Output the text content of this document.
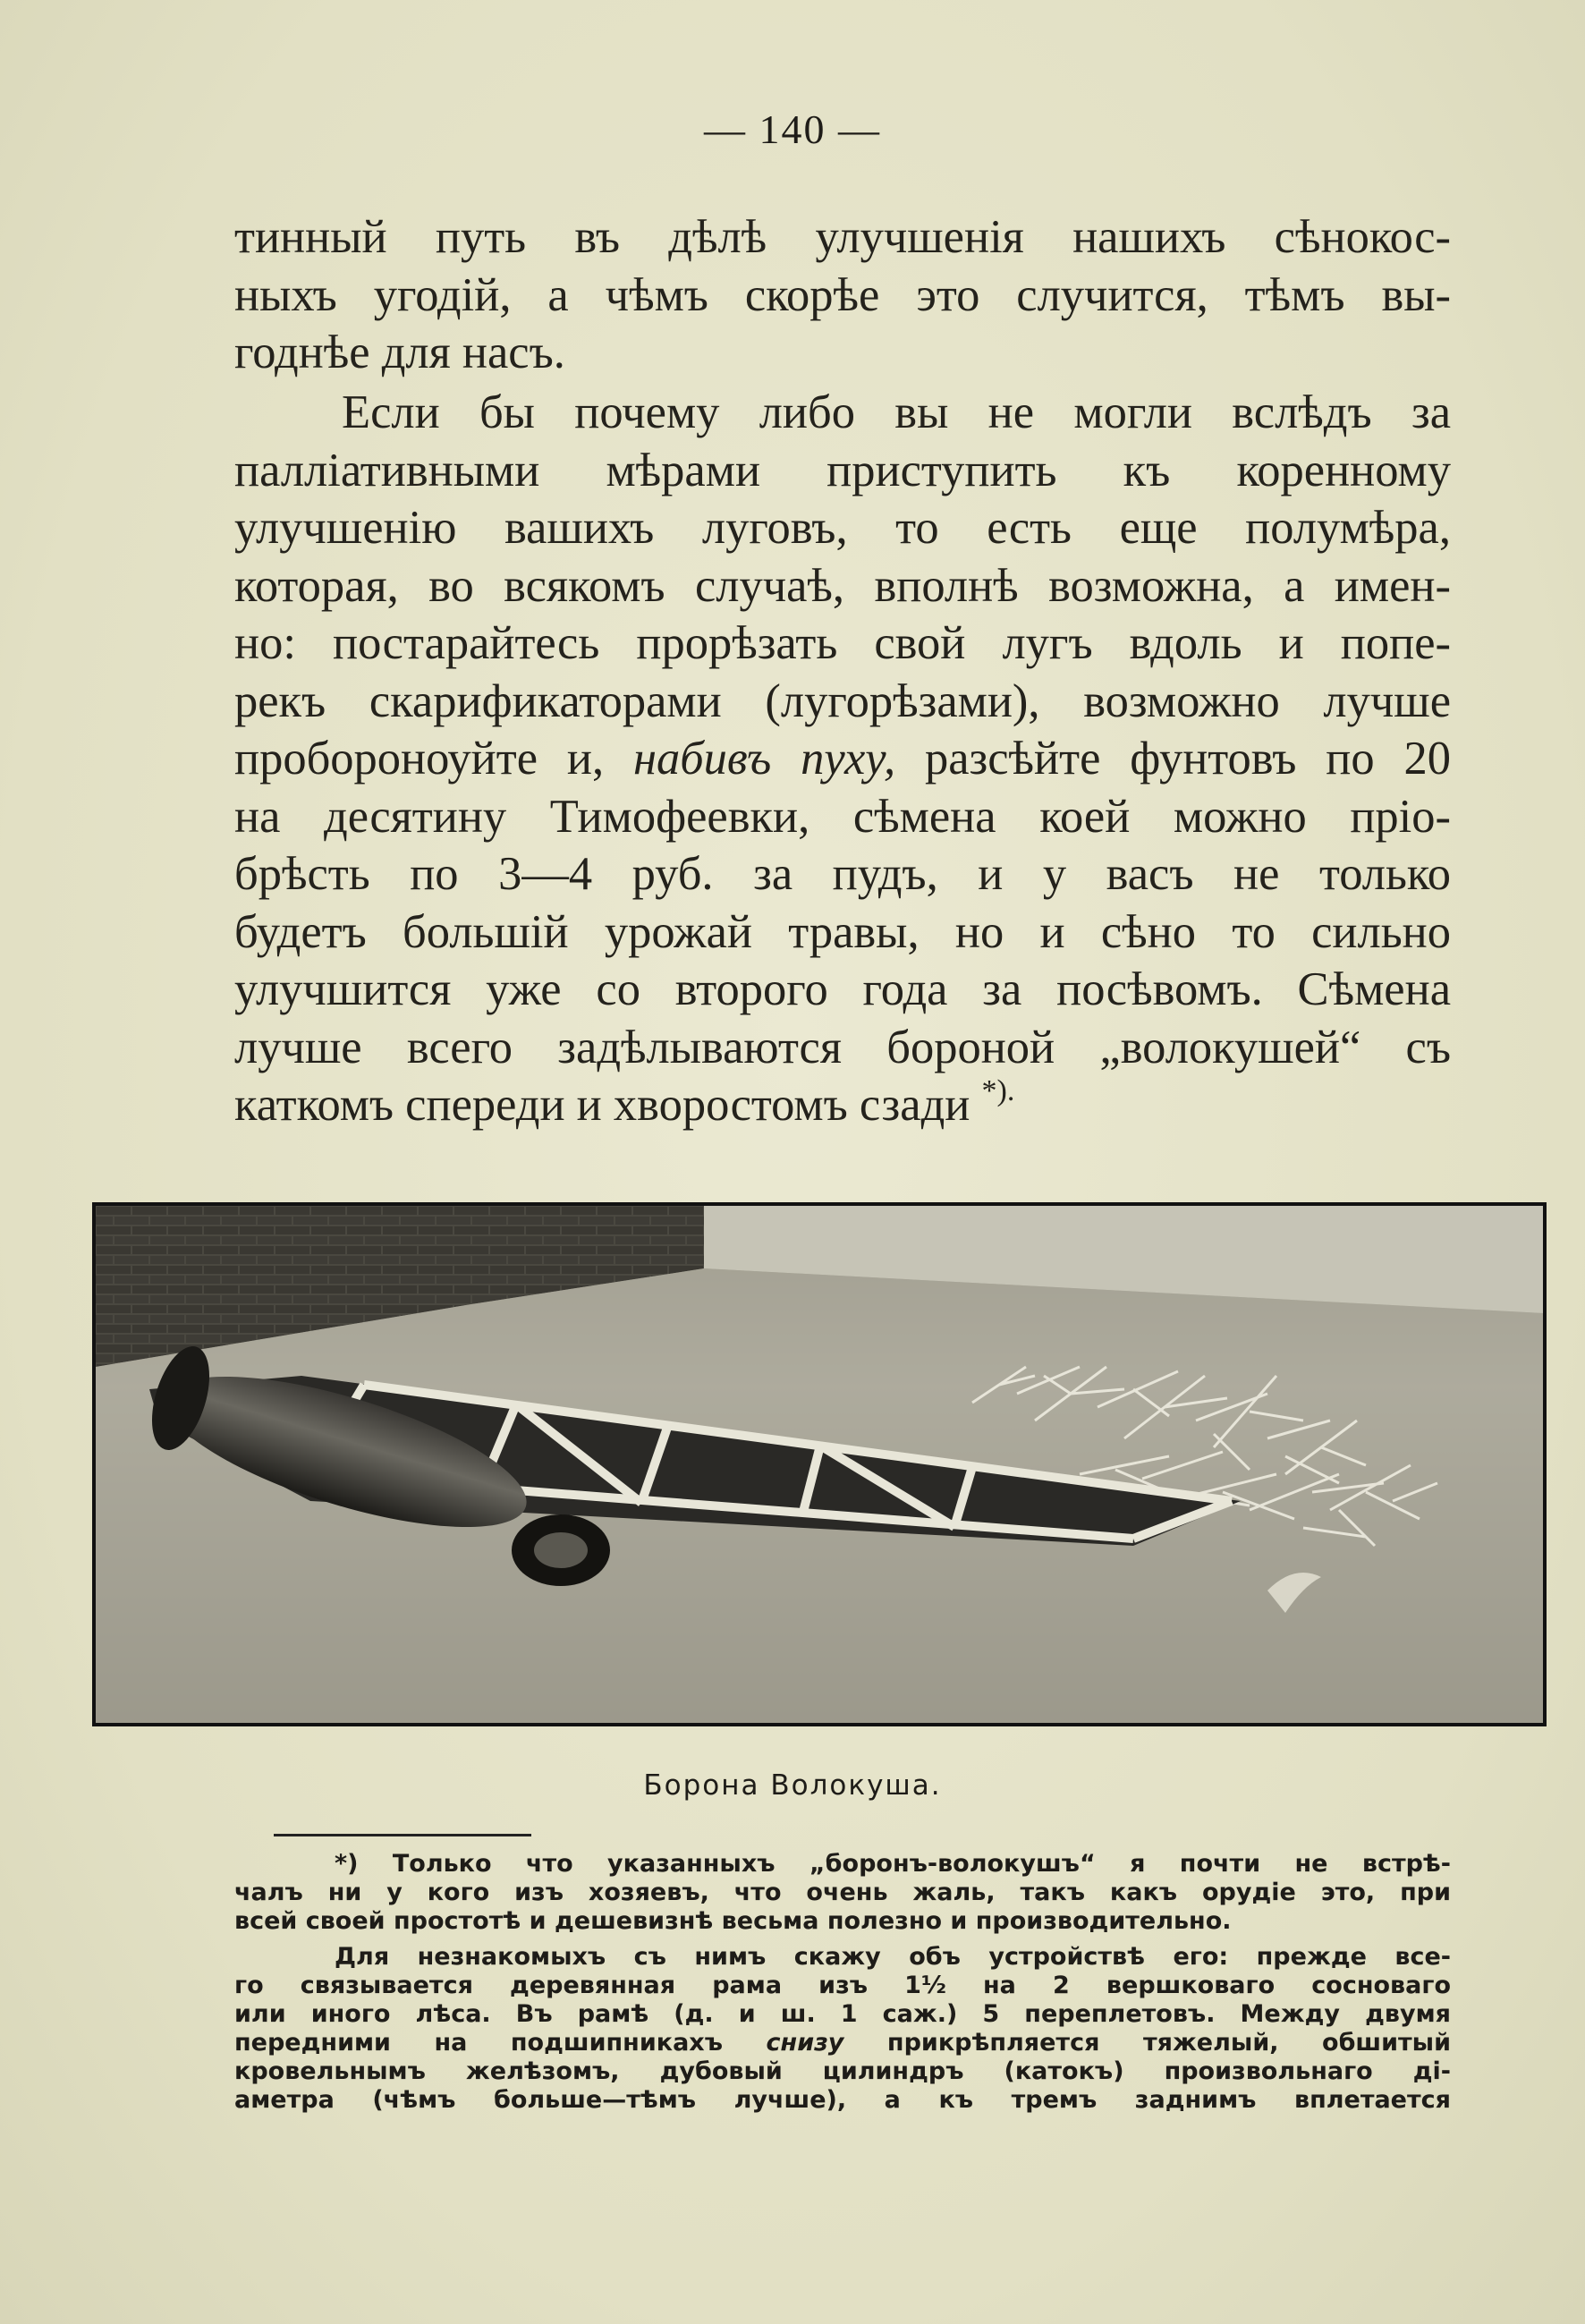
— 140 —
тинный путь въ дѣлѣ улучшенія нашихъ сѣнокос-
ныхъ угодій, а чѣмъ скорѣе это случится, тѣмъ вы-
годнѣе для насъ.
Если бы почему либо вы не могли вслѣдъ за
палліативными мѣрами приступить къ коренному
улучшенію вашихъ луговъ, то есть еще полумѣра,
которая, во всякомъ случаѣ, вполнѣ возможна, а имен-
но: постарайтесь прорѣзать свой лугъ вдоль и попе-
рекъ скарификаторами (лугорѣзами), возможно лучше
пробороноуйте и, набивъ пуху, разсѣйте фунтовъ по 20
на десятину Тимофеевки, сѣмена коей можно пріо-
брѣсть по 3—4 руб. за пудъ, и у васъ не только
будетъ большій урожай травы, но и сѣно то сильно
улучшится уже со второго года за посѣвомъ. Сѣмена
лучше всего задѣлываются бороной „волокушей“ съ
каткомъ спереди и хворостомъ сзади *).
Борона Волокуша.
*) Только что указанныхъ „боронъ-волокушъ“ я почти не встрѣ-
чалъ ни у кого изъ хозяевъ, что очень жаль, такъ какъ орудіе это, при
всей своей простотѣ и дешевизнѣ весьма полезно и производительно.
Для незнакомыхъ съ нимъ скажу объ устройствѣ его: прежде все-
го связывается деревянная рама изъ 1½ на 2 вершковаго сосноваго
или иного лѣса. Въ рамѣ (д. и ш. 1 саж.) 5 переплетовъ. Между двумя
передними на подшипникахъ снизу прикрѣпляется тяжелый, обшитый
кровельнымъ желѣзомъ, дубовый цилиндръ (катокъ) произвольнаго ді-
аметра (чѣмъ больше—тѣмъ лучше), а къ тремъ заднимъ вплетается
